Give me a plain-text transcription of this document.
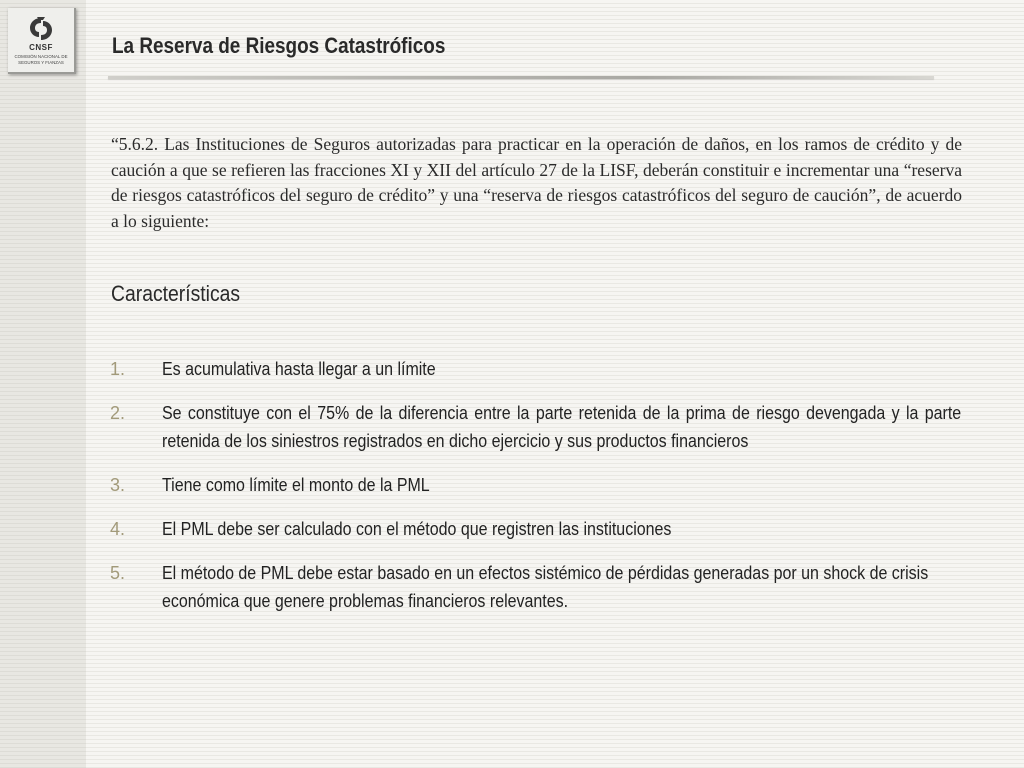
CNSF
COMISIÓN NACIONAL DE SEGUROS Y FIANZAS
La Reserva de Riesgos Catastróficos

“5.6.2. Las Instituciones de Seguros autorizadas para practicar en la operación de daños, en los ramos de crédito y de caución a que se refieren las fracciones XI y XII del artículo 27 de la LISF, deberán constituir e incrementar una “reserva de riesgos catastróficos del seguro de crédito” y una “reserva de riesgos catastróficos del seguro de caución”, de acuerdo a lo siguiente:

Características
1. Es acumulativa hasta llegar a un límite
2. Se constituye con el 75% de la diferencia entre la parte retenida de la prima de riesgo devengada y la parte retenida de los siniestros registrados en dicho ejercicio y sus productos financieros
3. Tiene como límite el monto de la PML
4. El PML debe ser calculado con el método que registren las instituciones
5. El método de PML debe estar basado en un efectos sistémico de pérdidas generadas por un shock de crisis económica que genere problemas financieros relevantes.
